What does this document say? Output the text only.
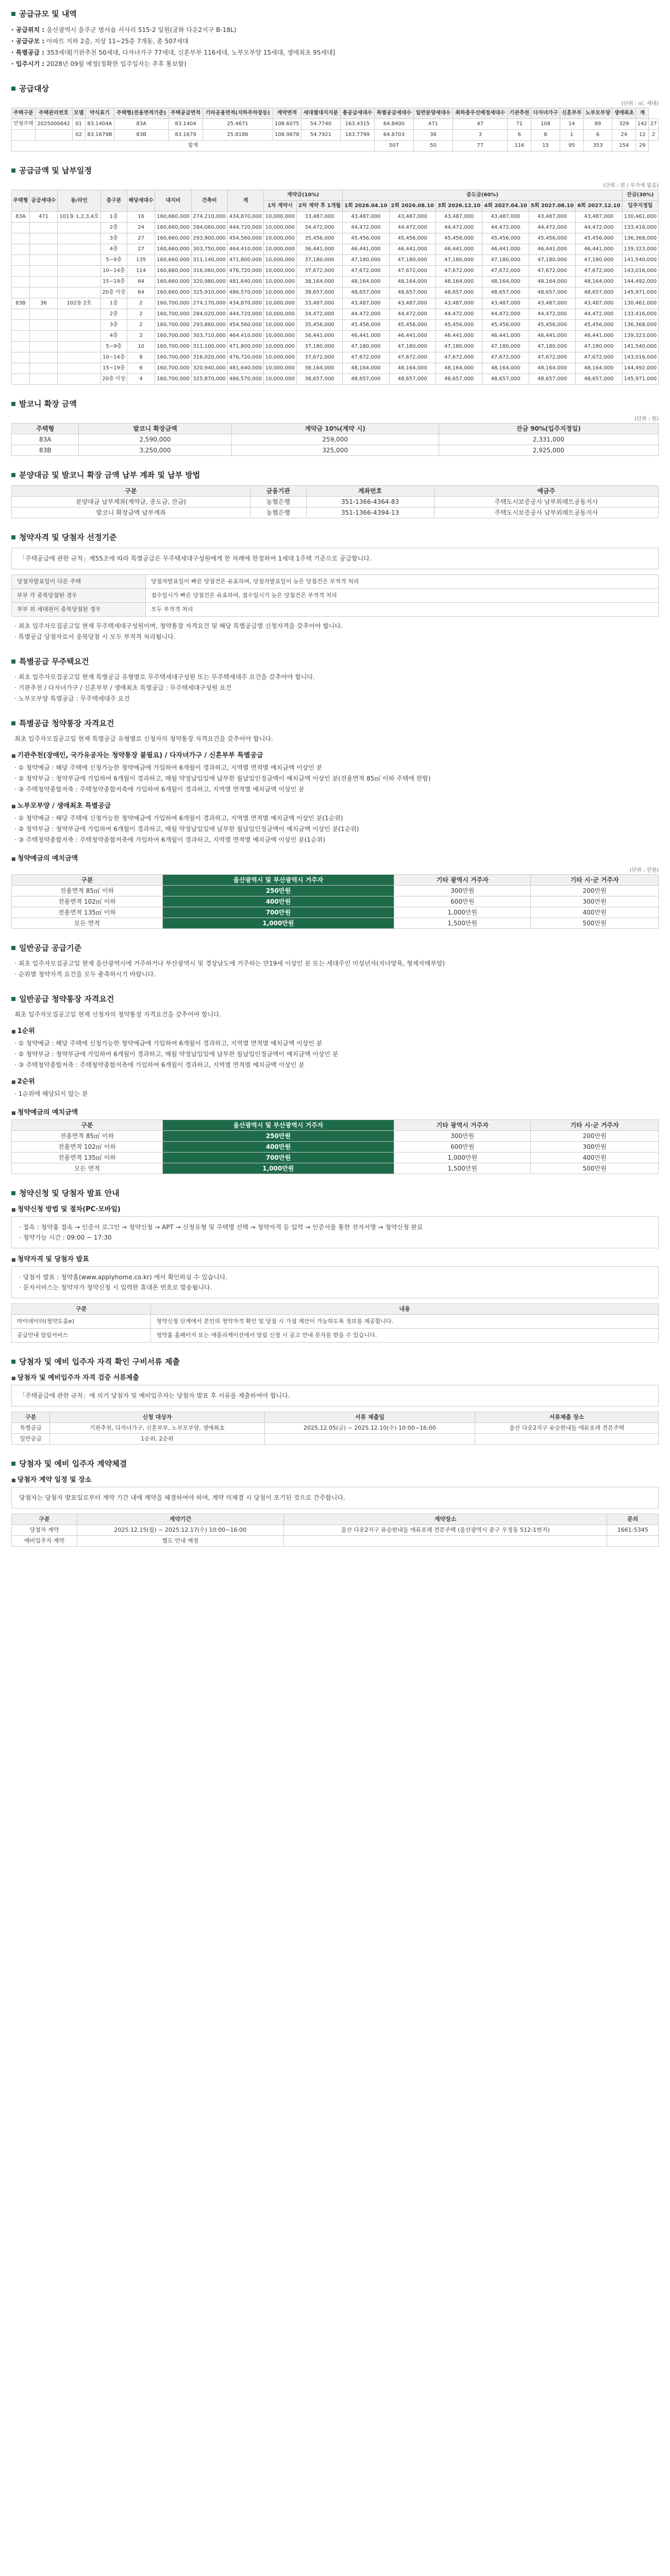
공급규모 및 내역
· 공급위치 : 울산광역시 울주군 범서읍 서사리 515-2 일원(굴화 다운2지구 B-18L)
· 공급규모 : 아파트 지하 2층, 지상 11~25층 7개동, 총 507세대
· 특별공급 : 353세대[기관추천 50세대, 다자녀가구 77세대, 신혼부부 116세대, 노부모부양 15세대, 생애최초 95세대]
· 입주시기 : 2028년 09월 예정(정확한 입주일자는 추후 통보함)
공급대상
(단위 : ㎡, 세대)
주택구분	주택관리번호	모델	약식표기	주택형(전용면적기준)	주택공급면적	기타공용면적(지하주차장등)	계약면적	세대별대지지분	총공급세대수	특별공급세대수	일반분양세대수	최하층우선배정세대수	기관추천	다자녀가구	신혼부부	노부모부양	생애최초	계	
민영주택	2025000642	01	83.1404A	83A	83.1404	25.4671	108.6075	54.7740	163.4315	64.8400	471	47	71	108	14	89	329	142	27
		02	83.1679B	83B	83.1679	25.8186	108.9878	54.7921	163.7799	64.8703	36	3	6	8	1	6	24	12	2
합계										507	50	77	116	15	95	353	154	29	
공급금액 및 납부일정
(단위 : 원 / 부가세 없음)
주택형	공급세대수	동/라인	층구분	해당세대수	대지비	건축비	계	계약금(10%)		중도금(60%)						잔금(30%)
								1차 계약시	2차 계약 후 1개월	1회 2026.04.10	2회 2026.08.10	3회 2026.12.10	4회 2027.04.10	5회 2027.08.10	6회 2027.12.10	입주지정일
83A	471	101동 1,2,3,4호	1층	16	160,660,000	274,210,000	434,870,000	10,000,000	33,487,000	43,487,000	43,487,000	43,487,000	43,487,000	43,487,000	43,487,000	130,461,000
			2층	24	160,660,000	284,060,000	444,720,000	10,000,000	34,472,000	44,472,000	44,472,000	44,472,000	44,472,000	44,472,000	44,472,000	133,416,000
			3층	27	160,660,000	293,900,000	454,560,000	10,000,000	35,456,000	45,456,000	45,456,000	45,456,000	45,456,000	45,456,000	45,456,000	136,368,000
			4층	27	160,660,000	303,750,000	464,410,000	10,000,000	36,441,000	46,441,000	46,441,000	46,441,000	46,441,000	46,441,000	46,441,000	139,323,000
			5~9층	135	160,660,000	311,140,000	471,800,000	10,000,000	37,180,000	47,180,000	47,180,000	47,180,000	47,180,000	47,180,000	47,180,000	141,540,000
			10~14층	114	160,660,000	316,060,000	476,720,000	10,000,000	37,672,000	47,672,000	47,672,000	47,672,000	47,672,000	47,672,000	47,672,000	143,016,000
			15~19층	64	160,660,000	320,980,000	481,640,000	10,000,000	38,164,000	48,164,000	48,164,000	48,164,000	48,164,000	48,164,000	48,164,000	144,492,000
			20층 이상	64	160,660,000	325,910,000	486,570,000	10,000,000	38,657,000	48,657,000	48,657,000	48,657,000	48,657,000	48,657,000	48,657,000	145,971,000
83B	36	102동 2호	1층	2	160,700,000	274,170,000	434,870,000	10,000,000	33,487,000	43,487,000	43,487,000	43,487,000	43,487,000	43,487,000	43,487,000	130,461,000
			2층	2	160,700,000	284,020,000	444,720,000	10,000,000	34,472,000	44,472,000	44,472,000	44,472,000	44,472,000	44,472,000	44,472,000	133,416,000
			3층	2	160,700,000	293,860,000	454,560,000	10,000,000	35,456,000	45,456,000	45,456,000	45,456,000	45,456,000	45,456,000	45,456,000	136,368,000
			4층	2	160,700,000	303,710,000	464,410,000	10,000,000	36,441,000	46,441,000	46,441,000	46,441,000	46,441,000	46,441,000	46,441,000	139,323,000
			5~9층	10	160,700,000	311,100,000	471,800,000	10,000,000	37,180,000	47,180,000	47,180,000	47,180,000	47,180,000	47,180,000	47,180,000	141,540,000
			10~14층	8	160,700,000	316,020,000	476,720,000	10,000,000	37,672,000	47,672,000	47,672,000	47,672,000	47,672,000	47,672,000	47,672,000	143,016,000
			15~19층	6	160,700,000	320,940,000	481,640,000	10,000,000	38,164,000	48,164,000	48,164,000	48,164,000	48,164,000	48,164,000	48,164,000	144,492,000
			20층 이상	4	160,700,000	325,870,000	486,570,000	10,000,000	38,657,000	48,657,000	48,657,000	48,657,000	48,657,000	48,657,000	48,657,000	145,971,000
발코니 확장 금액
(단위 : 원)
주택형	발코니 확장금액	계약금 10%(계약 시)	잔금 90%(입주지정일)
83A	2,590,000	259,000	2,331,000
83B	3,250,000	325,000	2,925,000
분양대금 및 발코니 확장 금액 납부 계좌 및 납부 방법
구분	금융기관	계좌번호	예금주
분양대금 납부계좌(계약금, 중도금, 잔금)	농협은행	351-1366-4364-83	주택도시보증공사 남부외래트공동지사
발코니 확장금액 납부계좌	농협은행	351-1366-4394-13	주택도시보증공사 남부외래트공동지사
청약자격 및 당첨자 선정기준
「주택공급에 관한 규칙」제55조에 따라 특별공급은 무주택세대구성원에게 한 차례에 한정하여 1세대 1주택 기준으로 공급합니다.
당첨자발표일이 다른 주택	당첨자발표일이 빠른 당첨건은 유효하며, 당첨자발표일이 늦은 당첨건은 부적격 처리
부부 각 중복당첨된 경우	접수일시가 빠른 당첨건은 유효하며, 접수일시가 늦은 당첨건은 부적격 처리
부부 외 세대원이 중복당첨된 경우	모두 부적격 처리
· 최초 입주자모집공고일 현재 무주택세대구성원이며, 청약통장 자격요건 및 해당 특별공급별 신청자격을 갖추어야 합니다.
· 특별공급 당첨자로서 중복당첨 시 모두 부적격 처리됩니다.
특별공급 무주택요건
· 최초 입주자모집공고일 현재 특별공급 유형별로 무주택세대구성원 또는 무주택세대주 요건을 갖추어야 합니다.
· 기관추천 / 다자녀가구 / 신혼부부 / 생애최초 특별공급 : 무주택세대구성원 요건
· 노부모부양 특별공급 : 무주택세대주 요건
특별공급 청약통장 자격요건
최초 입주자모집공고일 현재 특별공급 유형별로 신청자의 청약통장 자격요건을 갖추어야 합니다.
■ 기관추천(장애인, 국가유공자는 청약통장 불필요) / 다자녀가구 / 신혼부부 특별공급
· ① 청약예금 : 해당 주택에 신청가능한 청약예금에 가입하여 6개월이 경과하고, 지역별 면적별 예치금액 이상인 분
· ② 청약부금 : 청약부금에 가입하여 6개월이 경과하고, 매월 약정납입일에 납부한 월납입인정금액이 예치금액 이상인 분(전용면적 85㎡ 이하 주택에 한함)
· ③ 주택청약종합저축 : 주택청약종합저축에 가입하여 6개월이 경과하고, 지역별 면적별 예치금액 이상인 분
■ 노부모부양 / 생애최초 특별공급
· ① 청약예금 : 해당 주택에 신청가능한 청약예금에 가입하여 6개월이 경과하고, 지역별 면적별 예치금액 이상인 분(1순위)
· ② 청약부금 : 청약부금에 가입하여 6개월이 경과하고, 매월 약정납입일에 납부한 월납입인정금액이 예치금액 이상인 분(1순위)
· ③ 주택청약종합저축 : 주택청약종합저축에 가입하여 6개월이 경과하고, 지역별 면적별 예치금액 이상인 분(1순위)
■ 청약예금의 예치금액
(단위 : 만원)
구분	울산광역시 및 부산광역시 거주자	기타 광역시 거주자	기타 시·군 거주자
전용면적 85㎡ 이하	250만원	300만원	200만원
전용면적 102㎡ 이하	400만원	600만원	300만원
전용면적 135㎡ 이하	700만원	1,000만원	400만원
모든 면적	1,000만원	1,500만원	500만원
일반공급 공급기준
· 최초 입주자모집공고일 현재 울산광역시에 거주하거나 부산광역시 및 경상남도에 거주하는 만19세 이상인 분 또는 세대주인 미성년자(자녀양육, 형제자매부양)
· 순위별 청약자격 요건을 모두 충족하시기 바랍니다.
일반공급 청약통장 자격요건
최초 입주자모집공고일 현재 신청자의 청약통장 자격요건을 갖추어야 합니다.
■ 1순위
· ① 청약예금 : 해당 주택에 신청가능한 청약예금에 가입하여 6개월이 경과하고, 지역별 면적별 예치금액 이상인 분
· ② 청약부금 : 청약부금에 가입하여 6개월이 경과하고, 매월 약정납입일에 납부한 월납입인정금액이 예치금액 이상인 분
· ③ 주택청약종합저축 : 주택청약종합저축에 가입하여 6개월이 경과하고, 지역별 면적별 예치금액 이상인 분
■ 2순위
· 1순위에 해당되지 않는 분
■ 청약예금의 예치금액
구분	울산광역시 및 부산광역시 거주자	기타 광역시 거주자	기타 시·군 거주자
전용면적 85㎡ 이하	250만원	300만원	200만원
전용면적 102㎡ 이하	400만원	600만원	300만원
전용면적 135㎡ 이하	700만원	1,000만원	400만원
모든 면적	1,000만원	1,500만원	500만원
청약신청 및 당첨자 발표 안내
■ 청약신청 방법 및 절차(PC·모바일)
· 접속 : 청약홈 접속 → 인증서 로그인 → 청약신청 → APT → 신청유형 및 주택명 선택 → 청약자격 등 입력 → 인증서를 통한 전자서명 → 청약신청 완료
· 청약가능 시간 : 09:00 ~ 17:30
■ 청약자격 및 당첨자 발표
· 당첨자 발표 : 청약홈(www.applyhome.co.kr) 에서 확인하실 수 있습니다.
· 문자서비스는 청약자가 청약신청 시 입력한 휴대폰 번호로 발송됩니다.
구분	내용
마이데이터(청약도움e)	청약신청 단계에서 본인의 청약자격 확인 및 당첨 시 가점 계산이 가능하도록 정보를 제공합니다.
공급안내 알림서비스	청약홈 홈페이지 또는 애플리케이션에서 알림 신청 시 공고 안내 문자를 받을 수 있습니다.
당첨자 및 예비 입주자 자격 확인 구비서류 제출
■ 당첨자 및 예비입주자 자격 검증 서류제출
「주택공급에 관한 규칙」에 의거 당첨자 및 예비입주자는 당첨자 발표 후 서류를 제출하여야 합니다.
구분	신청 대상자	서류 제출일	서류제출 장소
특별공급	기관추천, 다자녀가구, 신혼부부, 노부모부양, 생애최초	2025.12.05(금) ~ 2025.12.10(수) 10:00~16:00	울산 다운2지구 유승한내들 에듀포레 견본주택
일반공급	1순위, 2순위		
당첨자 및 예비 입주자 계약체결
■ 당첨자 계약 일정 및 장소
당첨자는 당첨자 발표일로부터 계약 기간 내에 계약을 체결하여야 하며, 계약 미체결 시 당첨이 포기된 것으로 간주합니다.
구분	계약기간	계약장소	문의
당첨자 계약	2025.12.15(월) ~ 2025.12.17(수) 10:00~16:00	울산 다운2지구 유승한내들 에듀포레 견본주택 (울산광역시 중구 우정동 512-1번지)	1661-5345
예비입주자 계약	별도 안내 예정		
